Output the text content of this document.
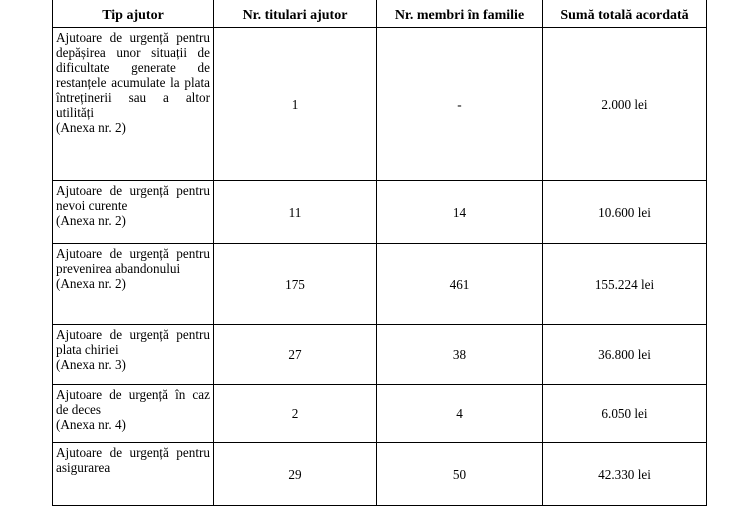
Tip ajutor	Nr. titulari ajutor	Nr. membri în familie	Sumă totală acordată

Ajutoare de urgență pentru depășirea unor situații de dificultate generate de restanțele acumulate la plata întreținerii sau a altor utilități
(Anexa nr. 2)	1	-	2.000 lei

Ajutoare de urgență pentru nevoi curente
(Anexa nr. 2)	11	14	10.600 lei

Ajutoare de urgență pentru prevenirea abandonului
(Anexa nr. 2)	175	461	155.224 lei

Ajutoare de urgență pentru plata chiriei
(Anexa nr. 3)	27	38	36.800 lei

Ajutoare de urgență în caz de deces
(Anexa nr. 4)	2	4	6.050 lei

Ajutoare de urgență pentru asigurarea	29	50	42.330 lei
